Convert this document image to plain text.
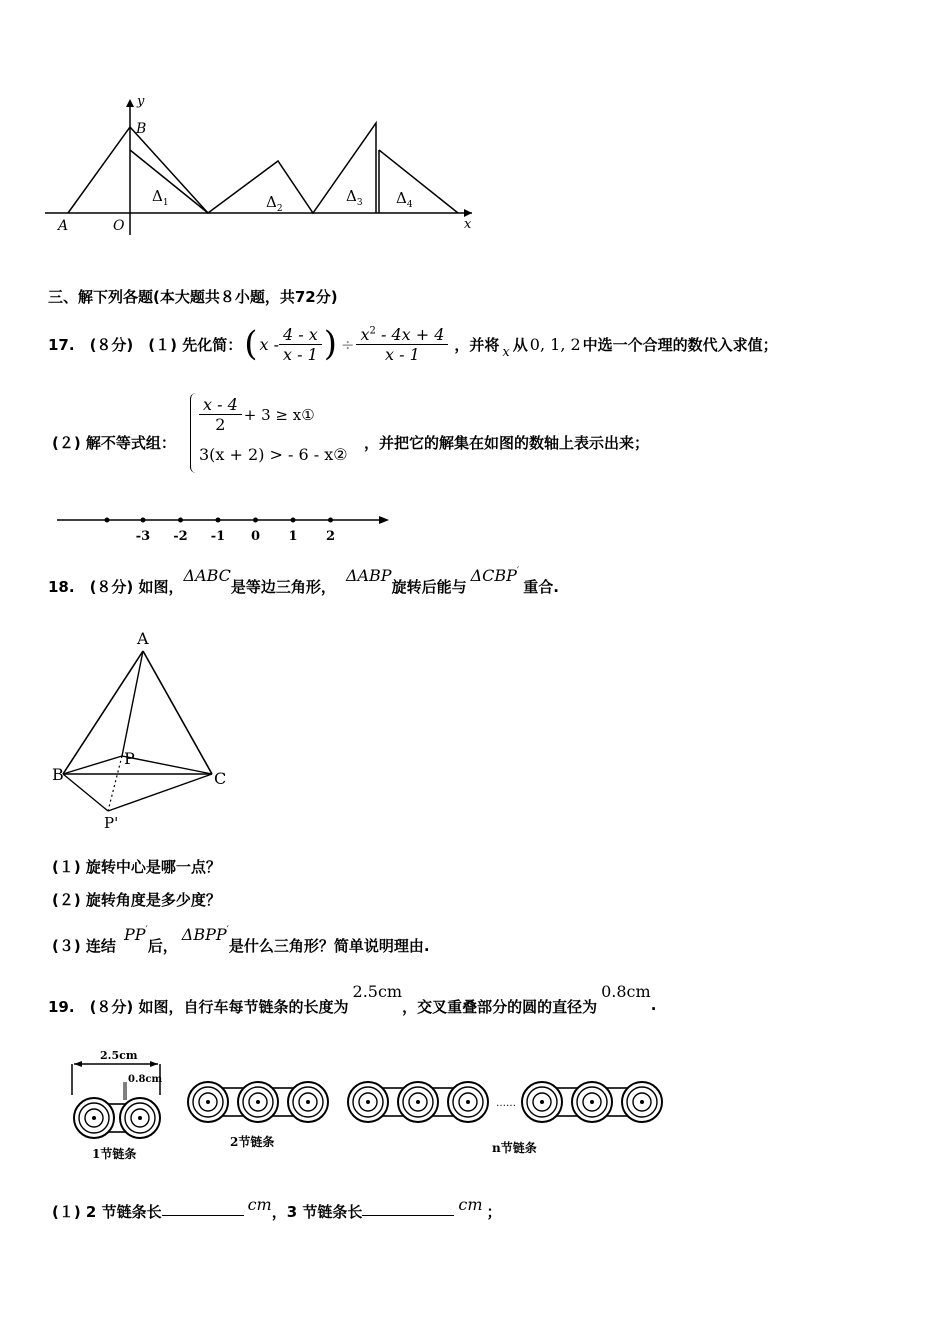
y
B
A	O	x
$\Delta_1$	$\Delta_2$
$\Delta_3$ $\Delta_4$
三、解下列各题(本大题共８小题，共72分)
17.　(８分)　(１) 先化简： ( x - $\frac{4 - x}{x - 1}$ ) ÷ $\frac{x^2 - 4x + 4}{x - 1}$ ，并将 x 从 0, 1, 2 中选一个合理的数代入求值；
(２) 解不等式组：
$\frac{x - 4}{2} + 3$ ≥ x①
3(x + 2) > - 6 - x②
，并把它的解集在如图的数轴上表示出来；
-3 -2 -1 0 1 2
18.　(８分) 如图，
ΔABC
是等边三角形，
ΔABP
旋转后能与
ΔCBP ′
重合.
A
B	C
P
P'
(１) 旋转中心是哪一点？
(２) 旋转角度是多少度？
(３) 连结
PP ′
后，
ΔBPP ′
是什么三角形？简单说明理由.
19.　(８分) 如图，自行车每节链条的长度为
2.5cm
，交叉重叠部分的圆的直径为
0.8cm
.
2.5cm
0.8cm
1节链条
2节链条	n节链条
……
(１) 2 节链条长	cm ，3 节链条长	cm ；
